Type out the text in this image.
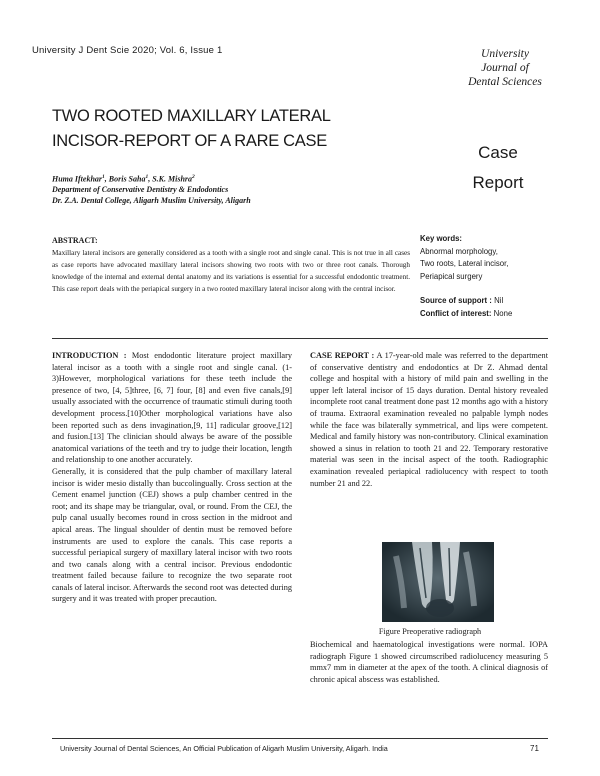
University J Dent Scie 2020; Vol. 6, Issue 1	University
Journal of
Dental Sciences
TWO ROOTED MAXILLARY LATERAL
INCISOR-REPORT OF A RARE CASE
Case
Report
Huma Iftekhar$^1$, Boris Saha$^1$, S.K. Mishra$^2$
Department of Conservative Dentistry & Endodontics
Dr. Z.A. Dental College, Aligarh Muslim University, Aligarh
ABSTRACT:
Maxillary lateral incisors are generally considered as a tooth with a single root and single canal. This is not true in all cases as case reports have advocated maxillary lateral incisors showing two roots with two or three root canals. Thorough knowledge of the internal and external dental anatomy and its variations is essential for a successful endodontic treatment. This case report deals with the periapical surgery in a two rooted maxillary lateral incisor along with the central incisor.
Key words:
Abnormal morphology,
Two roots, Lateral incisor,
Periapical surgery
Source of support : Nil
Conflict of interest: None

INTRODUCTION : Most endodontic literature project maxillary lateral incisor as a tooth with a single root and single canal. (1-3)However, morphological variations for these teeth include the presence of two, [4, 5]three, [6, 7] four, [8] and even five canals,[9] usually associated with the occurrence of traumatic stimuli during tooth development process.[10]Other morphological variations have also been reported such as dens invagination,[9, 11] radicular groove,[12] and fusion.[13] The clinician should always be aware of the possible anatomical variations of the teeth and try to judge their location, length and relationship to one another accurately.

Generally, it is considered that the pulp chamber of maxillary lateral incisor is wider mesio distally than buccolingually. Cross section at the Cement enamel junction (CEJ) shows a pulp chamber centred in the root; and its shape may be triangular, oval, or round. From the CEJ, the pulp canal usually becomes round in cross section in the midroot and apical areas. The lingual shoulder of dentin must be removed before instruments are used to explore the canals. This case reports a successful periapical surgery of maxillary lateral incisor with two roots and two canals along with a central incisor. Previous endodontic treatment failed because failure to recognize the two separate root canals of lateral incisor. Afterwards the second root was detected during surgery and it was treated with proper precaution.

CASE REPORT : A 17-year-old male was referred to the department of conservative dentistry and endodontics at Dr Z. Ahmad dental college and hospital with a history of mild pain and swelling in the upper left lateral incisor of 15 days duration. Dental history revealed incomplete root canal treatment done past 12 months ago with a history of trauma. Extraoral examination revealed no palpable lymph nodes while the face was bilaterally symmetrical, and lips were competent. Medical and family history was non-contributory. Clinical examination showed a sinus in relation to tooth 21 and 22. Temporary restorative material was seen in the incisal aspect of the tooth. Radiographic examination revealed periapical radiolucency with respect to tooth number 21 and 22.

Figure Preoperative radiograph

Biochemical and haematological investigations were normal. IOPA radiograph Figure 1 showed circumscribed radiolucency measuring 5 mmx7 mm in diameter at the apex of the tooth. A clinical diagnosis of chronic apical abscess was established.

University Journal of Dental Sciences, An Official Publication of Aligarh Muslim University, Aligarh. India	71
